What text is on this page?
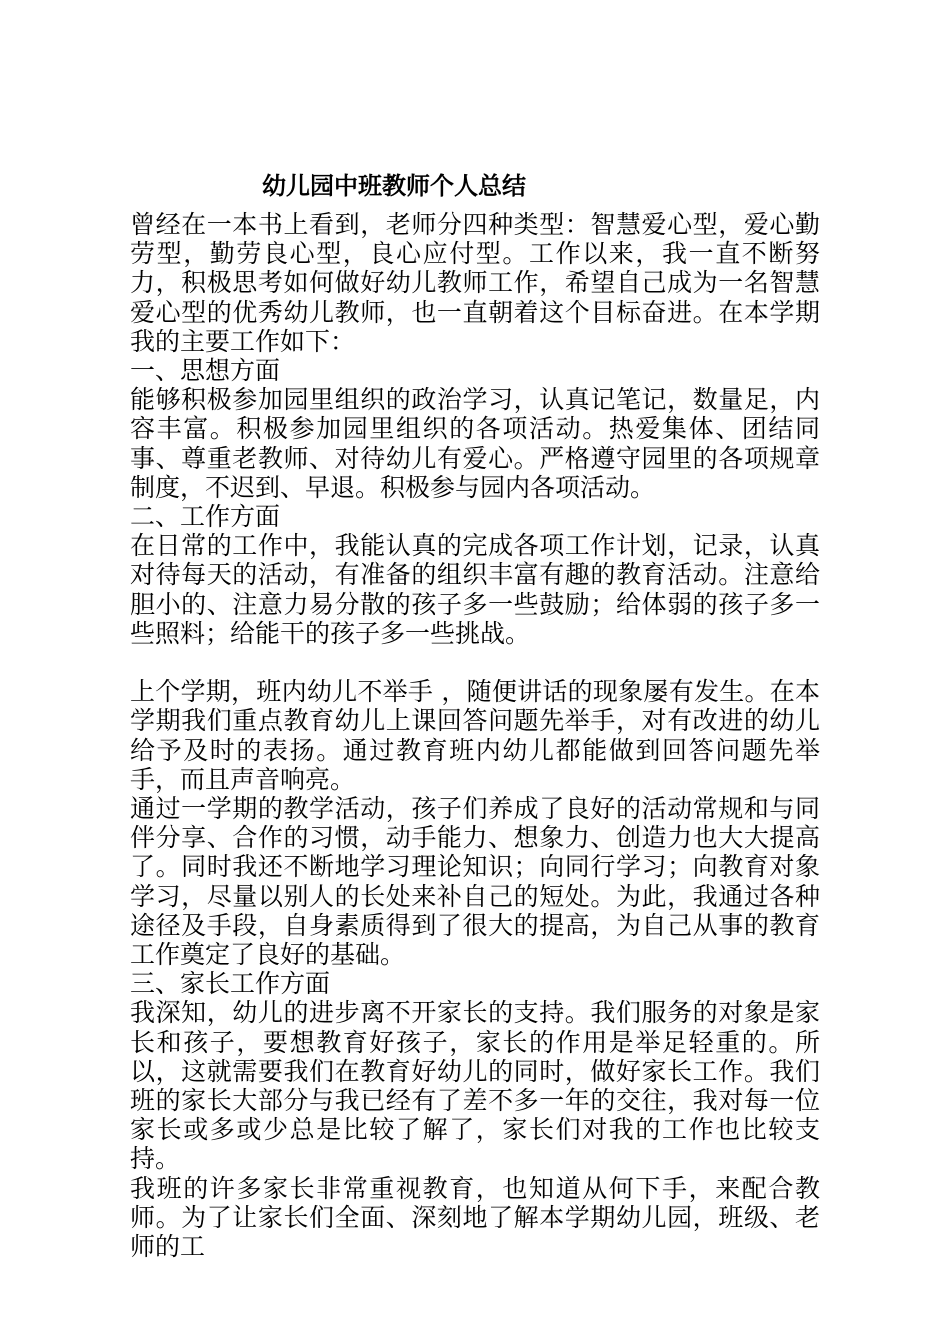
幼儿园中班教师个人总结

曾经在一本书上看到，老师分四种类型：智慧爱心型，爱心勤劳型，勤劳良心型，良心应付型。工作以来，我一直不断努力，积极思考如何做好幼儿教师工作，希望自己成为一名智慧爱心型的优秀幼儿教师，也一直朝着这个目标奋进。在本学期我的主要工作如下：

一、思想方面

能够积极参加园里组织的政治学习，认真记笔记，数量足，内容丰富。积极参加园里组织的各项活动。热爱集体、团结同事、尊重老教师、对待幼儿有爱心。严格遵守园里的各项规章制度，不迟到、早退。积极参与园内各项活动。

二、工作方面

在日常的工作中，我能认真的完成各项工作计划，记录，认真对待每天的活动，有准备的组织丰富有趣的教育活动。注意给胆小的、注意力易分散的孩子多一些鼓励；给体弱的孩子多一些照料；给能干的孩子多一些挑战。

上个学期，班内幼儿不举手 ，随便讲话的现象屡有发生。在本学期我们重点教育幼儿上课回答问题先举手，对有改进的幼儿给予及时的表扬。通过教育班内幼儿都能做到回答问题先举手，而且声音响亮。

通过一学期的教学活动，孩子们养成了良好的活动常规和与同伴分享、合作的习惯，动手能力、想象力、创造力也大大提高了。同时我还不断地学习理论知识；向同行学习；向教育对象学习，尽量以别人的长处来补自己的短处。为此，我通过各种途径及手段，自身素质得到了很大的提高，为自己从事的教育工作奠定了良好的基础。

三、家长工作方面

我深知，幼儿的进步离不开家长的支持。我们服务的对象是家长和孩子，要想教育好孩子，家长的作用是举足轻重的。所以，这就需要我们在教育好幼儿的同时，做好家长工作。我们班的家长大部分与我已经有了差不多一年的交往，我对每一位家长或多或少总是比较了解了，家长们对我的工作也比较支持。

我班的许多家长非常重视教育，也知道从何下手，来配合教师。为了让家长们全面、深刻地了解本学期幼儿园，班级、老师的工
